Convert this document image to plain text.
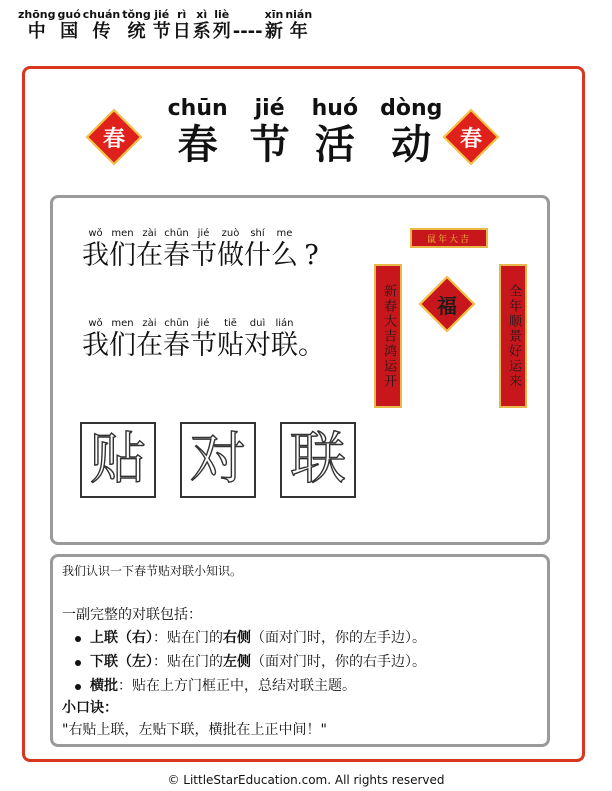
zhōng
中
guó
国
chuán
传
tǒng
统
jié
节
rì
日
xì
系
liè
列 ----
xīn
新
nián
年
春	春
chūn
春
jié
节
huó
活
dòng
动
wǒ
我
men
们
zài
在
chūn
春
jié
节
zuò
做
shí
什
me
么 ?
wǒ
我
men
们
zài
在
chūn
春
jié
节
tiē
贴
duì
对
lián
联 。
贴 对 联
鼠年大吉
新春大吉鸿运开	全年顺景好运来
福
我们认识一下春节贴对联小知识。
一副完整的对联包括：
上联（右）：贴在门的右侧（面对门时，你的左手边）。
下联（左）：贴在门的左侧（面对门时，你的右手边）。
横批：贴在上方门框正中，总结对联主题。
小口诀：
"右贴上联，左贴下联，横批在上正中间！"
© LittleStarEducation.com. All rights reserved
